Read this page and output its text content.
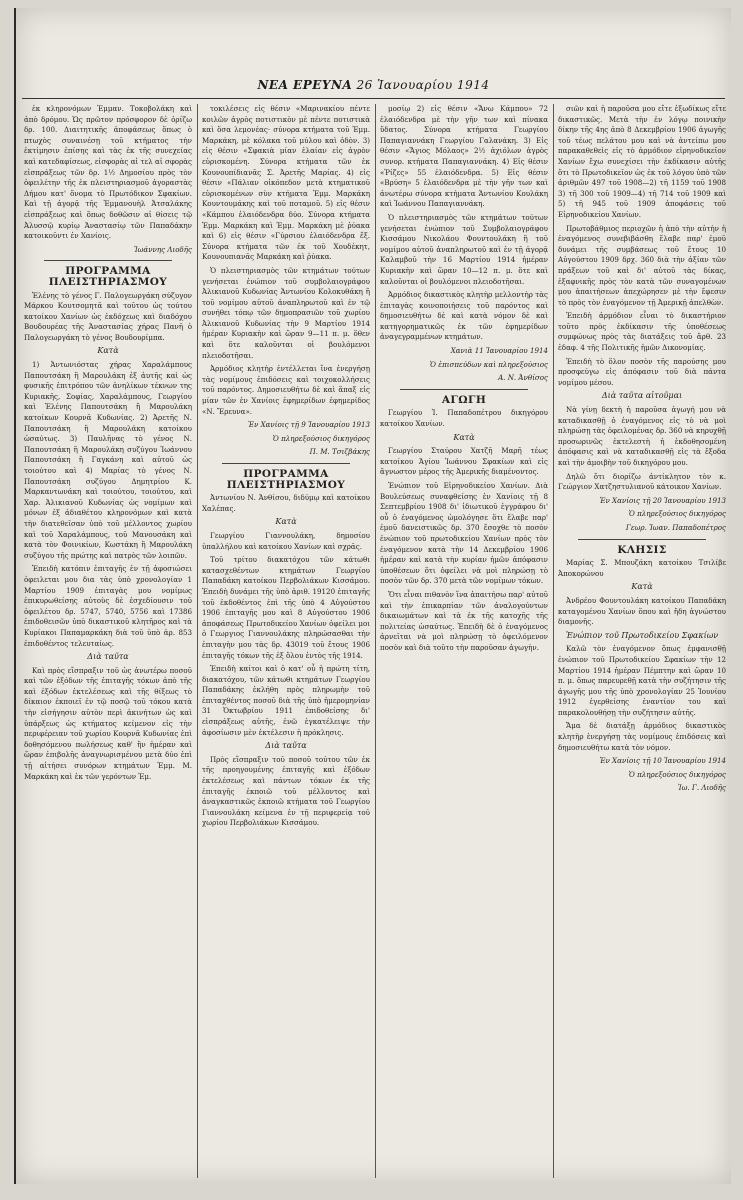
ΝΕΑ ΕΡΕΥΝΑ 26 Ἰανουαρίου 1914

ἐκ κληρονόμων Ἐμμαν. Τοκοβολάκη καὶ ἀπὸ δρόμου. Ὡς πρῶτον πρόσφορον δὲ ὁρίζω δρ. 100. Διαιτητικῆς ἀποφάσεως ὅπως ὁ πτωχὸς συναινέσῃ τοῦ κτήματος τὴν ἐκτίμησιν ἐπίσης καὶ τὰς ἐκ τῆς συνεχείας καὶ κατεδαφίσεως, εἰσφορὰς αἰ τελ αἰ σφορὰς εἰσπράξεως τῶν δρ. 1½ Δημοσίου πρὸς τὸν ὀφειλέτην τῆς ἐκ πλειστηριασμοῦ ἀγοραστὰς Δήμου κατ' ὄνομα τὸ Πρωτόδικον Σφακίων. Καὶ τῇ ἀγορᾷ τῆς Ἐμμανουὴλ Ἀτσαλάκης εἰσπράξεως καὶ ὅπως δοθῶσιν αἰ θίσεις τῷ Ἀλυσσῷ κυρίῳ Ἀναστασίῳ τῶν Παπαδάκην κατοικοῦντι ἐν Χανίοις.

Ἰωάννης Λιοδῆς

ΠΡΟΓΡΑΜΜΑ ΠΛΕΙΣΤΗΡΙΑΣΜΟΥ

Ἑλένης τὸ γένος Γ. Παλογεωργάκη σύζυγον Μάρκου Κουτσομητᾶ καὶ τοῦτου ὡς τούτου κατοίκου Χανίων ὡς ἐκδόχεως καὶ διαδόχου Βουδουρέας τῆς Ἀναστασίας χήρας Πανῆ ὁ Παλογεωργάκη τὸ γένος Βουδουρίμπα.

Κατὰ

1) Ἀντωνιόστας χήρας Χαραλάμπους Παπουτσάκη ἢ Μαρουλάκη ἐξ ἀυτῆς καὶ ὡς φυσικῆς ἐπιτρόπου τῶν ἀνηλίκων τέκνων της Κυριακῆς, Σοφίας, Χαραλάμπους, Γεωργίου καὶ Ἑλένης Παπουτσάκη ἢ Μαρουλάκη κατοίκων Κουρνᾶ Κυδωνίας. 2) Ἀρετῆς Ν. Παπουτσάκη ἢ Μαρουλάκη κατοίκου ὡσαύτως. 3) Παυλῆνας τὸ γένος Ν. Παπουτσάκη ἢ Μαρουλάκη συζύγου Ἰωάννου Παπουτσάκη ἢ Γαγκάνη καὶ αὐτοῦ ὡς τοιούτου καὶ 4) Μαρίας τὸ γένος Ν. Παπουτσάκη συζύγου Δημητρίου Κ. Μαρκαντωνάκη καὶ τοιούτου, τοιούτου, καὶ Χαρ. Ἀλικιανοῦ Κυδωνίας ὡς νομίμων καὶ μόνων ἐξ ἀδιαθέτου κληρονόμων καὶ κατὰ τὴν διατεθεῖσαν ὑπὸ τοῦ μέλλοντος χωρίου καὶ τοῦ Χαραλάμπους, τοῦ Μανουσάκη καὶ κατὰ τὸν Φοινικίων, Κωστάκη ἢ Μαρουλάκη συζύγου τῆς πρώτης καὶ πατρὸς τῶν λοιπῶν.

Ἐπειδὴ κατόπιν ἐπιταγῆς ἐν τῇ ἀφοσιώσει ὀφειλεται μου δια τὰς ὑπὸ χρονολογίαν 1 Μαρτίου 1909 ἐπιταγὰς μου νομίμως ἐπικυρωθείσης αὐτοὺς δὲ ἐσχεδίουσιν τοῦ ὀφειλέτου δρ. 5747, 5740, 5756 καὶ 17386 ἐπιδοθεισῶν ὑπὸ δικαστικοῦ κλητῆρος καὶ τὰ Κυρίακοι Παπαμαρκάκη διὰ τοῦ ὑπὸ ἀρ. 853 ἐπιδοθέντος τελευταίως.

Διὰ ταῦτα

Καὶ πρὸς εἴσπραξιν τοῦ ὡς ἀνωτέρω ποσοῦ καὶ τῶν ἐξόδων τῆς ἐπιταγῆς τόκων ἀπὸ τῆς καὶ ἐξόδων ἐκτελέσεως καὶ τῆς θίξεως τὸ δίκαιον ἐκποιεῖ ἐν τῷ ποσῷ τοῦ τόκου κατὰ τὴν εἰσήγησιν αὐτὸν περὶ ἀκινήτων ὡς καὶ ὑπάρξεως ὡς κτήματος κείμενον εἰς τὴν περιφέρειαν τοῦ χωρίου Κουρνᾶ Κυδωνίας ἐπὶ δοθησόμενου πωλήσεως καθ' ἣν ἡμέραν καὶ ὥραν ἐπιβολῆς ἀναγνωρισμένου μετὰ δύο ἐπὶ τῇ αἰτήσει συνόρων κτημάτων Ἐμμ. Μ. Μαρκάκη καὶ ἐκ τῶν γερόντων Ἐμ.

τοκιλέσεις εἰς θέσιν «Μαρινακίου πέντε κοιλῶν ἀγρὸς ποτιστικὸν μὲ πέντε ποτιστικὰ καὶ ὅσα λεμονέας· σύνορα κτήματα τοῦ Ἐμμ. Μαρκάκη, μὲ κόλακα τοῦ μύλου καὶ ὁδὸν. 3) εἰς θέσιν «Σφακιὰ μίαν ἐλαίαν εἰς ἀγρὸν εὐρισκομένη. Σύνορα κτήματα τῶν ἐκ Κουνουπίδιανᾶς Σ. Ἀρετῆς Μαρίας. 4) εἰς θέσιν «Πάλιαν οἰκόπεδον μετὰ κτηματικοῦ εὐρισκομένων σὺν κτήματα Ἐμμ. Μαρκάκη Κουντουμάκης καὶ τοῦ ποταμοῦ. 5) εἰς θέσιν «Κάμπου ἐλαιόδενδρα δύο. Σύνορα κτήματα Ἐμμ. Μαρκάκη καὶ Ἐμμ. Μαρκάκη μὲ ῥύακα καὶ 6) εἰς θέσιν «Γύρσιου ἐλαιόδενδρα ἕξ. Σύνορα κτήματα τῶν ἐκ τοῦ Χουδέκητ, Κουνουπιανᾶς Μαρκάκη καὶ ῥύακα.

Ὁ πλειστηριασμὸς τῶν κτημάτων τούτων γενήσεται ἐνώπιον τοῦ συμβολαιογράφου Ἀλικιανοῦ Κυδωνίας Ἀντωνίου Κολοκυθάκη ἢ τοῦ νομίμου αὐτοῦ ἀναπληρωτοῦ καὶ ἐν τῷ συνήθει τόπῳ τῶν δημοπρασιῶν τοῦ χωρίου Ἀλικιανοῦ Κυδωνίας τὴν 9 Μαρτίου 1914 ἡμέραν Κυριακὴν καὶ ὥραν 9—11 π. μ. ὅθεν καὶ ὅτε καλοῦνται οἱ βουλόμενοι πλειοδοτῆσαι.

Ἀρμόδιος κλητὴρ ἐντέλλεται ἵνα ἐνεργήσῃ τὰς νομίμους ἐπιδόσεις καὶ τοιχοκολλήσεις τοῦ παρόντος. Δημοσιευθήτω δὲ καὶ ἅπαξ εἰς μίαν τῶν ἐν Χανίοις ἐφημερίδων ἐφημερίδος «Ν. Ἔρευνα».

Ἐν Χανίοις τῇ 9 Ἰανουαρίου 1913

Ὁ πληρεξούσιος δικηγόρος

Π. Μ. Τσιζβάκης

ΠΡΟΓΡΑΜΜΑ ΠΛΕΙΣΤΗΡΙΑΣΜΟΥ

Ἀντωνίου Ν. Ἀνθίσου, διδύμῳ καὶ κατοίκου Χαλέπας.

Κατὰ

Γεωργίου Γιαννουλάκη, δημοσίου ὑπαλλήλου καὶ κατοίκου Χανίων καὶ σχρᾶς.

Τοῦ τρίτου διακατόχου τῶν κάτωθι κατασχεθέντων κτημάτων Γεωργίου Παπαδάκη κατοίκου Περβολιάκων Κισσάμου. Ἐπειδὴ δυνάμει τῆς ὑπὸ ἀριθ. 19120 ἐπιταγῆς τοῦ ἐκδοθέντος ἐπὶ τῆς ὑπὸ 4 Αὐγούστου 1906 ἐπιταγῆς μου καὶ 8 Αὐγούστου 1906 ἀποφάσεως Πρωτοδικείου Χανίων ὀφείλει μοι ὁ Γεωργιος Γιαννουλάκης πληρώσασθαι τὴν ἐπιταγὴν μου τὰς δρ. 43019 τοῦ ἔτους 1906 ἐπιταγῆς τόκων τῆς ἐξ ὅλου ἐντὸς τῆς 1914.

Ἐπειδὴ καίτοι καὶ ὁ κατ' οὗ ἡ πρώτη τίτη, διακατόχου, τῶν κάτωθι κτημάτων Γεωργίου Παπαδάκης ἐκλήθη πρὸς πληρωμὴν τοῦ ἐπιταχθέντος ποσοῦ διὰ τῆς ὑπὸ ἡμερομηνίαν 31 Ὀκτωβρίου 1911 ἐπιδοθείσης δι' εἰσπράξεως αὐτῆς, ἐνῶ ἐγκατέλειψε τὴν ἀφοσίωσιν μὲν ἐκτέλεσιν ἡ πρόκλησις.

Διὰ ταῦτα

Πρὸς εἴσπραξιν τοῦ ποσοῦ τούτου τῶν ἐκ τῆς προηγουμένης ἐπιταγῆς καὶ ἐξόδων ἐκτελέσεως καὶ πάντων τόκων ἐκ τῆς ἐπιταγῆς ἐκποιῶ τοῦ μέλλοντος καὶ ἀναγκαστικῶς ἐκποιῶ κτήματα τοῦ Γεωργίου Γιαννουλάκη κείμενα ἐν τῇ περιφερείᾳ τοῦ χωρίου Περβολιάκων Κισσάμου.

μοσίῳ 2) εἰς θέσιν «Ἄνω Κάμπου» 72 ἐλαιόδενδρα μὲ τὴν γῆν των καὶ πίνακα ὕδατος. Σύνορα κτήματα Γεωργίου Παπαγιαννάκη Γεωργίου Γαλανάκη. 3) Εἰς θέσιν «Ἅγιος Μόλαος» 2½ ἀχιόλων ἀγρὸς συνορ. κτήματα Παπαγιαννάκη. 4) Εἰς θέσιν «Ῥίζες» 55 ἐλαιόδενδρα. 5) Εἰς θέσιν «Βρύση» 5 ἐλαιόδενδρα μὲ τὴν γῆν των καὶ ἀνωτέρω σύνορα κτήματα Ἀντωνίου Κουλάκη καὶ Ἰωάννου Παπαγιαννάκη.

Ὁ πλειστηριασμὸς τῶν κτημάτων τούτων γενήσεται ἐνώπιον τοῦ Συμβολαιογράφου Κισσάμου Νικολάου Φουντουλάκη ἢ τοῦ νομίμου αὐτοῦ ἀναπληρωτοῦ καὶ ἐν τῇ ἀγορᾷ Καλαμβοῦ τὴν 16 Μαρτίου 1914 ἡμέραν Κυριακὴν καὶ ὥραν 10—12 π. μ. ὅτε καὶ καλοῦνται οἱ βουλόμενοι πλειοδοτῆσαι.

Ἀρμόδιος δικαστικὸς κλητὴρ μελλοντὴρ τὰς ἐπιταγὰς κοινοποιήσεις τοῦ παρόντος καὶ δημοσιευθήτω δὲ καὶ κατὰ νόμον δὲ καὶ κατηγορηματικῶς ἐκ τῶν ἐφημερίδων ἀναγεγραμμένων κτημάτων.

Χανιὰ 11 Ἰανουαρίου 1914

Ὁ ἐπισπεύδων καὶ πληρεξούσιος

Α. Ν. Ἀνθίσος

ΑΓΩΓΗ

Γεωργίου Ἰ. Παπαδοπέτρου δικηγόρου κατοίκου Χανίων.

Κατὰ

Γεωργίου Σταύρου Χατζῆ Μαρῆ τέως κατοίκου Ἁγίου Ἰωάννου Σφακίων καὶ εἰς ἄγνωστον μέρος τῆς Ἀμερικῆς διαμένοντος.

Ἐνώπιον τοῦ Εἰρηνοδικείου Χανίων. Διὰ Βουλεύσεως συναφθείσης ἐν Χανίοις τῇ 8 Σεπτεμβρίου 1908 δι' ἰδιωτικοῦ ἐγγράφου δι' οὗ ὁ ἐναγόμενος ὡμολόγησε ὅτι ἔλαβε παρ' ἐμοῦ δανειστικῶς δρ. 370 ἔσοχθε τὸ ποσὸν ἐνώπιον τοῦ πρωτοδικείου Χανίων πρὸς τὸν ἐναγόμενον κατὰ τὴν 14 Δεκεμβρίου 1906 ἡμέραν καὶ κατὰ τὴν κυρίαν ἡμῶν ἀπόφασιν ὑποθέσεων ὅτι ὀφείλει νὰ μοὶ πληρώσῃ τὸ ποσὸν τῶν δρ. 370 μετὰ τῶν νομίμων τόκων.

Ὅτι εἶναι πιθανὸν ἵνα ἀπαιτήσω παρ' αὐτοῦ καὶ τὴν ἐπικαρπίαν τῶν ἀναλογούντων δικαιωμάτων καὶ τὰ ἐκ τῆς κατοχῆς τῆς πολιτείας ὡσαύτως. Ἐπειδὴ δὲ ὁ ἐναγόμενος ἀρνεῖται νὰ μοὶ πληρώσῃ τὸ ὀφειλόμενον ποσὸν καὶ διὰ τοῦτο τὴν παροῦσαν ἀγωγὴν.

σιῶν καὶ ἡ παροῦσα μου εἴτε ἐξωδίκως εἴτε δικαστικῶς. Μετὰ τὴν ἐν λόγῳ ποινικὴν δίκην τῆς 4ης ἀπὸ 8 Δεκεμβρίου 1906 ἀγωγῆς τοῦ τέως πελάτου μου καὶ νὰ ἀντείπω μου παρακαθεθεὶς εἰς τὸ ἀρμόδιον εἰρηνοδικεῖον Χανίων ἔχω συνεχίσει τὴν ἐκδίκασιν αὐτῆς ὅτι τὸ Πρωτοδικεῖον ὡς ἐκ τοῦ λόγου ὑπὸ τῶν ἀριθμῶν 497 τοῦ 1908—2) τῆ 1159 τοῦ 1908 3) τῆ 300 τοῦ 1909—4) τῆ 714 τοῦ 1909 καὶ 5) τῆ 945 τοῦ 1909 ἀποφάσεις τοῦ Εἰρηνοδικείου Χανίων.

Πρωτοβάθμιος περιοχῶν ἡ ἀπὸ τὴν αὐτὴν ἡ ἐναγόμενος συνεβιβάσθη ἔλαβε παρ' ἐμοῦ δυνάμει τῆς συμβάσεως τοῦ ἔτους 10 Αὐγούστου 1909 δρχ. 360 διὰ τὴν ἀξίαν τῶν πράξεων τοῦ καὶ δι' αὐτοῦ τὰς δίκας, ἐξαφνικῆς πρὸς τὸν κατὰ τῶν συναγομένων μου ἀπαιτήσεων ἀπεχώρησεν μὲ τὴν ἔφεσιν τὸ πρὸς τὸν ἐναγόμενον τῇ Ἀμερικῇ ἀπελθὼν.

Ἐπειδὴ ἀρμόδιον εἶναι τὸ δικαστήριον τοῦτο πρὸς ἐκδίκασιν τῆς ὑποθέσεως συμφώνως πρὸς τὰς διατάξεις τοῦ ἄρθ. 23 ἑδαφ. 4 τῆς Πολιτικῆς ἡμῶν Δικονομίας.

Ἐπειδὴ τὸ ὅλον ποσὸν τῆς παρούσης μου προσφεύγω εἰς ἀπόφασιν τοῦ διὰ πάντα νομίμου μέσου.

Διὰ ταῦτα αἰτοῦμαι

Νὰ γίνῃ δεκτὴ ἡ παροῦσα ἀγωγή μου νὰ καταδικασθῇ ὁ ἐναγόμενος εἰς τὸ νὰ μοὶ πληρώσῃ τὰς ὀφειλομένας δρ. 360 νὰ κηρυχθῇ προσωρινῶς ἐκτελεστὴ ἡ ἐκδοθησομένη ἀπόφασις καὶ νὰ καταδικασθῇ εἰς τὰ ἔξοδα καὶ τὴν ἀμοιβὴν τοῦ δικηγόρου μου.

Δηλῶ ὅτι διορίζω ἀντίκλητον τὸν κ. Γεώργιον Χατζηστυλιανοῦ κάτοικον Χανίων.

Ἐν Χανίοις τῇ 20 Ἰανουαρίου 1913

Ὁ πληρεξούσιος δικηγόρος

Γεωρ. Ἰωαν. Παπαδοπέτρος

ΚΛΗΣΙΣ

Μαρίας Σ. Μπουζάκη κατοίκου Τσιλίβε Ἀποκορώνου

Κατὰ

Ἀνδρέου Φουντουλάκη κατοίκου Παπαδάκη καταγομένου Χανίων ὅπου καὶ ἤδη ἀγνώστου διαμονῆς.

Ἐνώπιον τοῦ Πρωτοδικείου Σφακίων

Καλῶ τὸν ἐναγόμενον ὅπως ἐμφανισθῇ ἐνώπιον τοῦ Πρωτοδικείου Σφακίων τὴν 12 Μαρτίου 1914 ἡμέραν Πέμπτην καὶ ὥραν 10 π. μ. ὅπως παρευρεθῇ κατὰ τὴν συζήτησιν τῆς ἀγωγῆς μου τῆς ὑπὸ χρονολογίαν 25 Ἰουνίου 1912 ἐγερθείσης ἐναντίον του καὶ παρακολουθήσῃ τὴν συζήτησιν αὐτῆς.

Ἄμα δὲ διατάξῃ ἁρμόδιος δικαστικὸς κλητὴρ ἐνεργήσῃ τὰς νομίμους ἐπιδόσεις καὶ δημοσιευθήτω κατὰ τὸν νόμον.

Ἐν Χανίοις τῇ 10 Ἰανουαρίου 1914

Ὁ πληρεξούσιος δικηγόρος

Ἰω. Γ. Λιοδῆς
